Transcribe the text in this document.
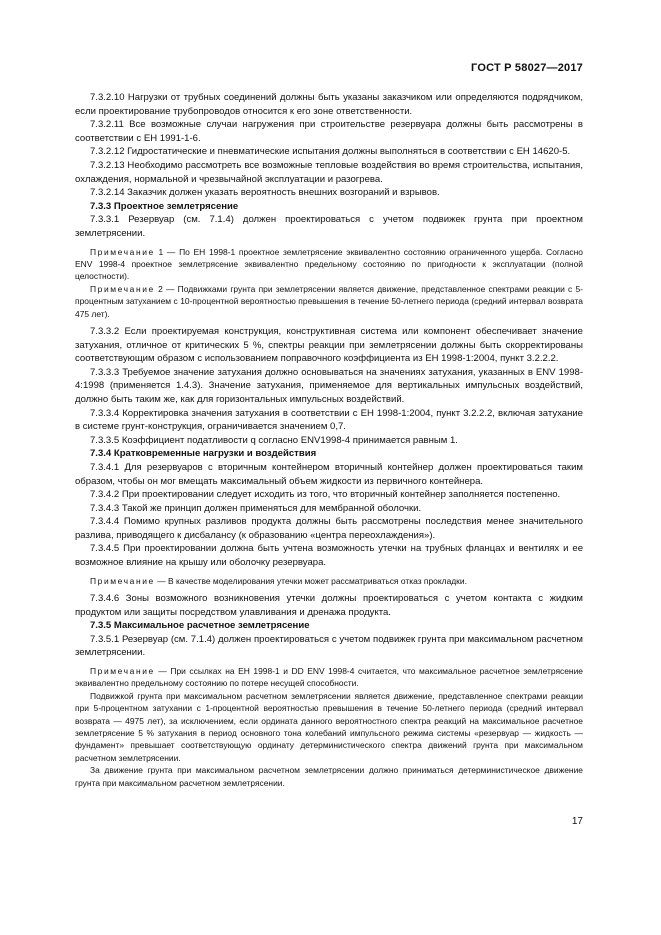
ГОСТ Р 58027—2017

7.3.2.10 Нагрузки от трубных соединений должны быть указаны заказчиком или определяются подрядчиком, если проектирование трубопроводов относится к его зоне ответственности.

7.3.2.11 Все возможные случаи нагружения при строительстве резервуара должны быть рассмотрены в соответствии с ЕН 1991-1-6.

7.3.2.12 Гидростатические и пневматические испытания должны выполняться в соответствии с ЕН 14620-5.

7.3.2.13 Необходимо рассмотреть все возможные тепловые воздействия во время строительства, испытания, охлаждения, нормальной и чрезвычайной эксплуатации и разогрева.

7.3.2.14 Заказчик должен указать вероятность внешних возгораний и взрывов.

7.3.3 Проектное землетрясение

7.3.3.1 Резервуар (см. 7.1.4) должен проектироваться с учетом подвижек грунта при проектном землетрясении.

Примечание 1 — По ЕН 1998-1 проектное землетрясение эквивалентно состоянию ограниченного ущерба. Согласно ENV 1998-4 проектное землетрясение эквивалентно предельному состоянию по пригодности к эксплуатации (полной целостности).

Примечание 2 — Подвижками грунта при землетрясении является движение, представленное спектрами реакции с 5-процентным затуханием с 10-процентной вероятностью превышения в течение 50-летнего периода (средний интервал возврата 475 лет).

7.3.3.2 Если проектируемая конструкция, конструктивная система или компонент обеспечивает значение затухания, отличное от критических 5 %, спектры реакции при землетрясении должны быть скорректированы соответствующим образом с использованием поправочного коэффициента из ЕН 1998-1:2004, пункт 3.2.2.2.

7.3.3.3 Требуемое значение затухания должно основываться на значениях затухания, указанных в ENV 1998-4:1998 (применяется 1.4.3). Значение затухания, применяемое для вертикальных импульсных воздействий, должно быть таким же, как для горизонтальных импульсных воздействий.

7.3.3.4 Корректировка значения затухания в соответствии с ЕН 1998-1:2004, пункт 3.2.2.2, включая затухание в системе грунт-конструкция, ограничивается значением 0,7.

7.3.3.5 Коэффициент податливости q согласно ENV1998-4 принимается равным 1.

7.3.4 Кратковременные нагрузки и воздействия

7.3.4.1 Для резервуаров с вторичным контейнером вторичный контейнер должен проектироваться таким образом, чтобы он мог вмещать максимальный объем жидкости из первичного контейнера.

7.3.4.2 При проектировании следует исходить из того, что вторичный контейнер заполняется постепенно.

7.3.4.3 Такой же принцип должен применяться для мембранной оболочки.

7.3.4.4 Помимо крупных разливов продукта должны быть рассмотрены последствия менее значительного разлива, приводящего к дисбалансу (к образованию «центра переохлаждения»).

7.3.4.5 При проектировании должна быть учтена возможность утечки на трубных фланцах и вентилях и ее возможное влияние на крышу или оболочку резервуара.

Примечание — В качестве моделирования утечки может рассматриваться отказ прокладки.

7.3.4.6 Зоны возможного возникновения утечки должны проектироваться с учетом контакта с жидким продуктом или защиты посредством улавливания и дренажа продукта.

7.3.5 Максимальное расчетное землетрясение

7.3.5.1 Резервуар (см. 7.1.4) должен проектироваться с учетом подвижек грунта при максимальном расчетном землетрясении.

Примечание — При ссылках на ЕН 1998-1 и DD ENV 1998-4 считается, что максимальное расчетное землетрясение эквивалентно предельному состоянию по потере несущей способности.

Подвижкой грунта при максимальном расчетном землетрясении является движение, представленное спектрами реакции при 5-процентном затухании с 1-процентной вероятностью превышения в течение 50-летнего периода (средний интервал возврата — 4975 лет), за исключением, если ордината данного вероятностного спектра реакций на максимальное расчетное землетрясение 5 % затухания в период основного тона колебаний импульсного режима системы «резервуар — жидкость — фундамент» превышает соответствующую ординату детерминистического спектра движений грунта при максимальном расчетном землетрясении.

За движение грунта при максимальном расчетном землетрясении должно приниматься детерминистическое движение грунта при максимальном расчетном землетрясении.

17
